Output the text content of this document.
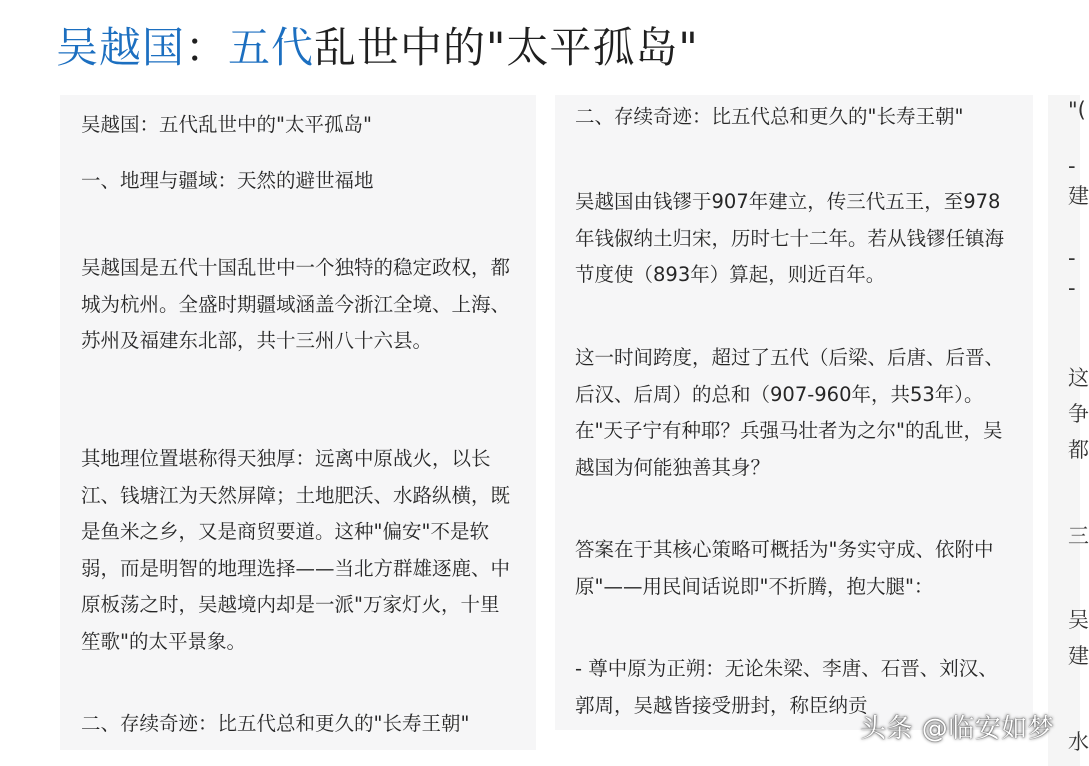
吴越国：五代乱世中的"太平孤岛"

吴越国：五代乱世中的"太平孤岛"

一、地理与疆域：天然的避世福地

吴越国是五代十国乱世中一个独特的稳定政权，都城为杭州。全盛时期疆域涵盖今浙江全境、上海、苏州及福建东北部，共十三州八十六县。

其地理位置堪称得天独厚：远离中原战火，以长江、钱塘江为天然屏障；土地肥沃、水路纵横，既是鱼米之乡，又是商贸要道。这种"偏安"不是软弱，而是明智的地理选择——当北方群雄逐鹿、中原板荡之时，吴越境内却是一派"万家灯火，十里笙歌"的太平景象。

二、存续奇迹：比五代总和更久的"长寿王朝"

二、存续奇迹：比五代总和更久的"长寿王朝"

吴越国由钱镠于907年建立，传三代五王，至978年钱俶纳土归宋，历时七十二年。若从钱镠任镇海节度使（893年）算起，则近百年。

这一时间跨度，超过了五代（后梁、后唐、后晋、后汉、后周）的总和（907-960年，共53年）。在"天子宁有种耶？兵强马壮者为之尔"的乱世，吴越国为何能独善其身？

答案在于其核心策略可概括为"务实守成、依附中原"——用民间话说即"不折腾，抱大腿"：

- 尊中原为正朔：无论朱梁、李唐、石晋、刘汉、郭周，吴越皆接受册封，称臣纳贡

"(
-
建
-
-
这
争
都
三
吴
建
水
头条 @临安如梦
